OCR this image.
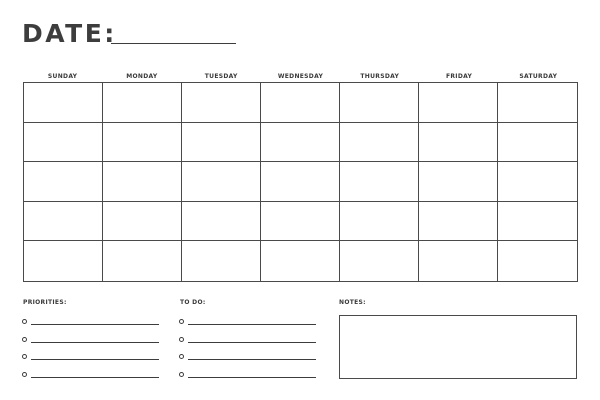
DATE:
SUNDAY	MONDAY	TUESDAY	WEDNESDAY	THURSDAY	FRIDAY	SATURDAY
PRIORITIES:	TO DO:	NOTES:
